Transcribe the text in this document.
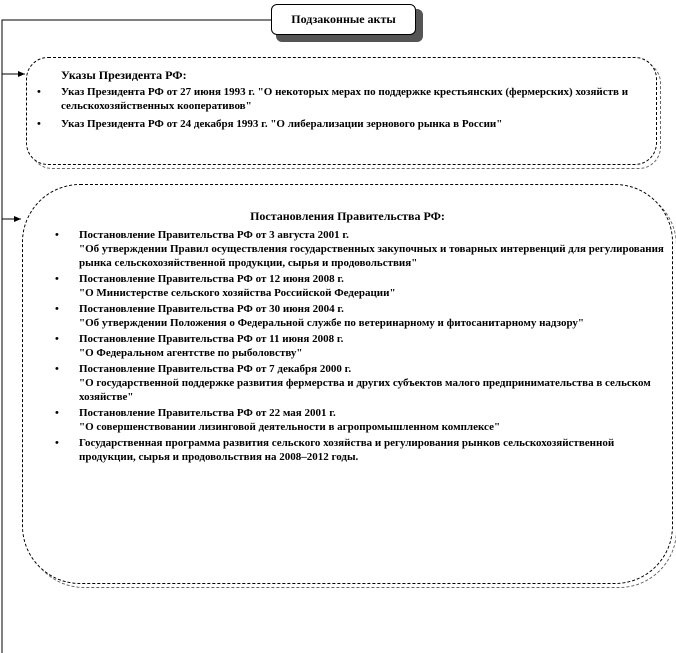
Подзаконные акты
Указы Президента РФ:
• Указ Президента РФ от 27 июня 1993 г. "О некоторых мерах по поддержке крестьянских (фермерских) хозяйств и сельскохозяйственных кооперативов"
• Указ Президента РФ от 24 декабря 1993 г. "О либерализации зернового рынка в России"
Постановления Правительства РФ:
• Постановление Правительства РФ от 3 августа 2001 г.
"Об утверждении Правил осуществления государственных закупочных и товарных интервенций для регулирования рынка сельскохозяйственной продукции, сырья и продовольствия"
• Постановление Правительства РФ от 12 июня 2008 г.
"О Министерстве сельского хозяйства Российской Федерации"
• Постановление Правительства РФ от 30 июня 2004 г.
"Об утверждении Положения о Федеральной службе по ветеринарному и фитосанитарному надзору"
• Постановление Правительства РФ от 11 июня 2008 г.
"О Федеральном агентстве по рыболовству"
• Постановление Правительства РФ от 7 декабря 2000 г.
"О государственной поддержке развития фермерства и других субъектов малого предпринимательства в сельском хозяйстве"
• Постановление Правительства РФ от 22 мая 2001 г.
"О совершенствовании лизинговой деятельности в агропромышленном комплексе"
• Государственная программа развития сельского хозяйства и регулирования рынков сельскохозяйственной продукции, сырья и продовольствия на 2008–2012 годы.
